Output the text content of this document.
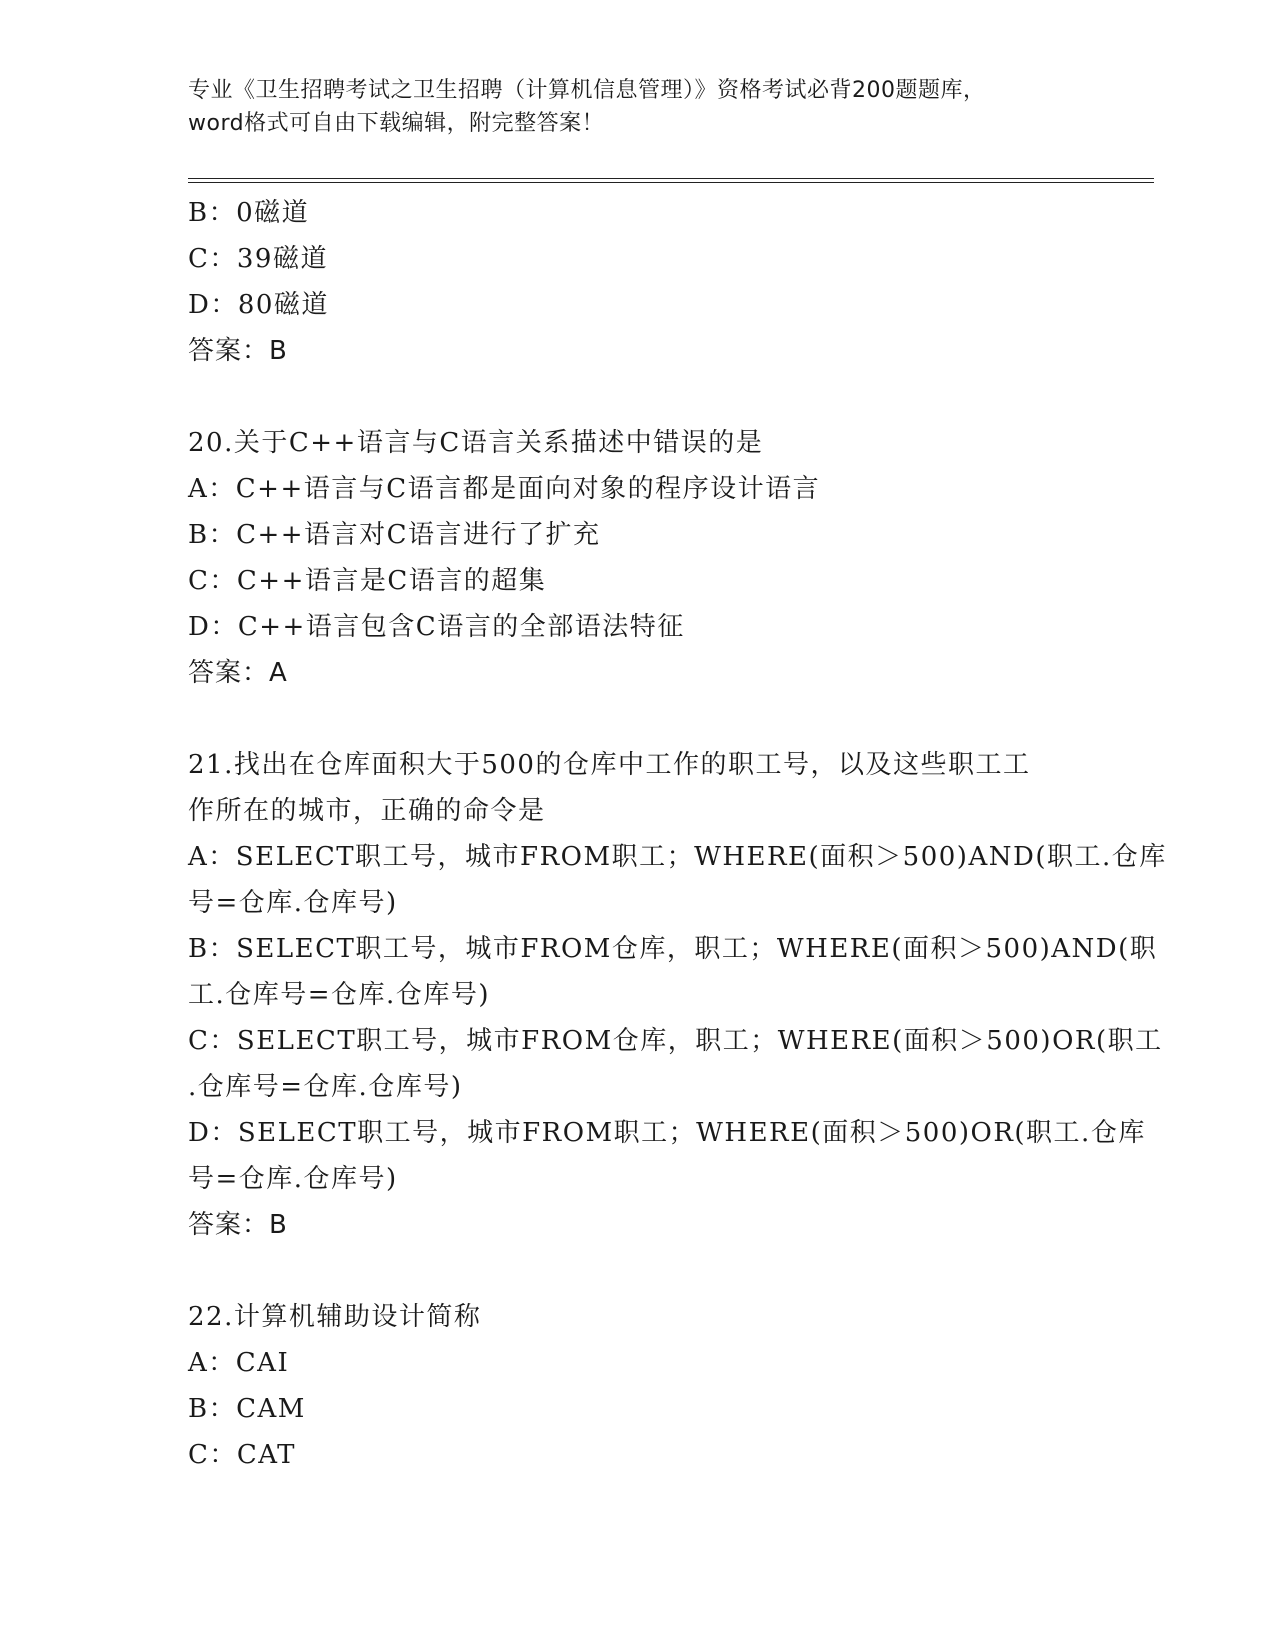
专业《卫生招聘考试之卫生招聘（计算机信息管理）》资格考试必背200题题库，
word格式可自由下载编辑，附完整答案！
B：0磁道
C：39磁道
D：80磁道
答案：B
20.关于C++语言与C语言关系描述中错误的是
A：C++语言与C语言都是面向对象的程序设计语言
B：C++语言对C语言进行了扩充
C：C++语言是C语言的超集
D：C++语言包含C语言的全部语法特征
答案：A
21.找出在仓库面积大于500的仓库中工作的职工号，以及这些职工工
作所在的城市，正确的命令是
A：SELECT职工号，城市FROM职工；WHERE(面积＞500)AND(职工.仓库
号=仓库.仓库号)
B：SELECT职工号，城市FROM仓库，职工；WHERE(面积＞500)AND(职
工.仓库号=仓库.仓库号)
C：SELECT职工号，城市FROM仓库，职工；WHERE(面积＞500)OR(职工
.仓库号=仓库.仓库号)
D：SELECT职工号，城市FROM职工；WHERE(面积＞500)OR(职工.仓库
号=仓库.仓库号)
答案：B
22.计算机辅助设计简称
A：CAI
B：CAM
C：CAT
